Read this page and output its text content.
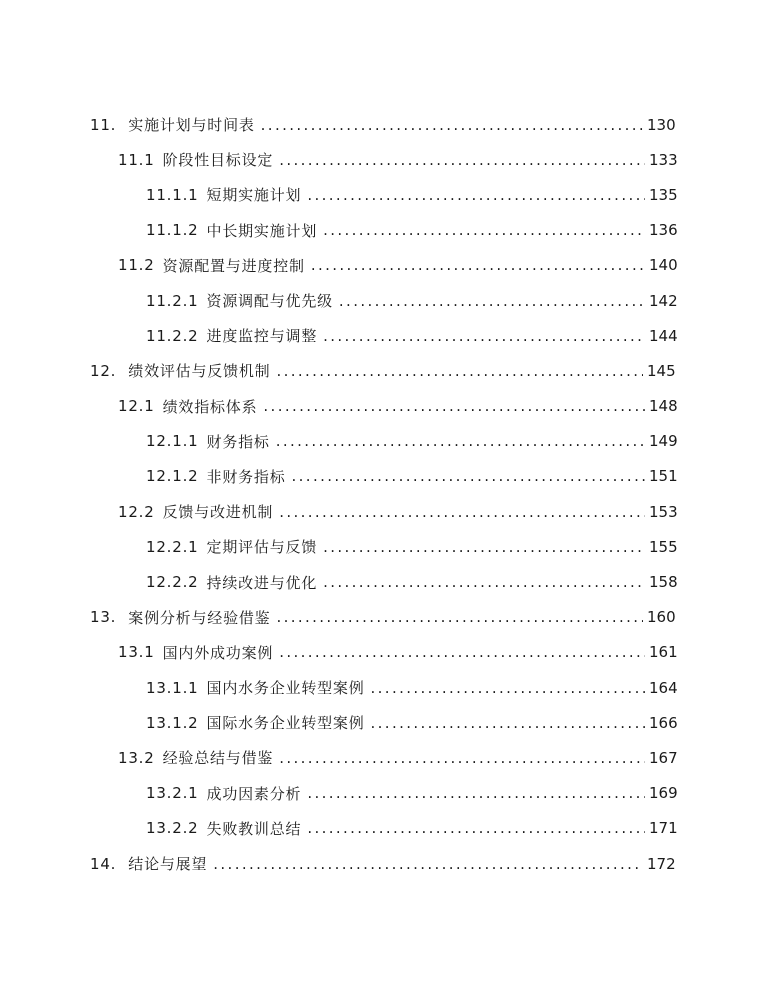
11. 实施计划与时间表 . . .	130
11.1 阶段性目标设定 . . .	133
11.1.1 短期实施计划 . . .	135
11.1.2 中长期实施计划 . . .	136
11.2 资源配置与进度控制 . . .	140
11.2.1 资源调配与优先级 . . .	142
11.2.2 进度监控与调整 . . .	144
12. 绩效评估与反馈机制 . . .	145
12.1 绩效指标体系 . . .	148
12.1.1 财务指标 . . .	149
12.1.2 非财务指标 . . .	151
12.2 反馈与改进机制 . . .	153
12.2.1 定期评估与反馈 . . .	155
12.2.2 持续改进与优化 . . .	158
13. 案例分析与经验借鉴 . . .	160
13.1 国内外成功案例 . . .	161
13.1.1 国内水务企业转型案例 . . .	164
13.1.2 国际水务企业转型案例 . . .	166
13.2 经验总结与借鉴 . . .	167
13.2.1 成功因素分析 . . .	169
13.2.2 失败教训总结 . . .	171
14. 结论与展望 . . .	172
